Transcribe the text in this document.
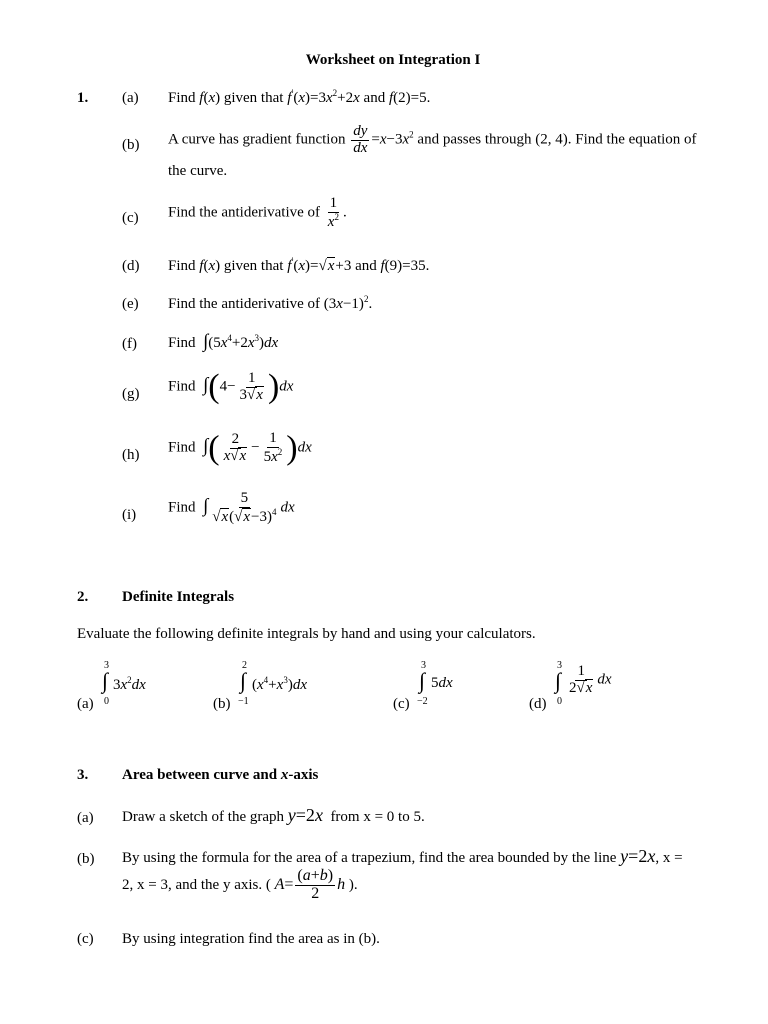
Worksheet on Integration I
1. (a) Find f(x) given that $f'(x)=3x^2+2x$ and f(2)=5.
(b) A curve has gradient function $\frac{dy}{dx} =x-3x^2$ and passes through (2, 4). Find the equation of
the curve.
(c) Find the antiderivative of $\frac{1}{x^2}$ .
(d) Find f(x) given that f′(x)=√x+3 and f(9)=35.
(e) Find the antiderivative of $(3x-1)^2$.
(f) Find $\int(5x^4+2x^3)dx$
(g) Find $\int(4- \frac{1}{3√x} )dx$
(h) Find ∫( $\frac{2}{x√x} - \frac{1}{5x^2} )dx$
(i) Find ∫ $\frac{5}{√x(√x-3)^4}$ dx
2. Definite Integrals
Evaluate the following definite integrals by hand and using your calculators.
(a)
3
∫
0
$3x^2dx$
(b)
2
∫
−1
$(x^4+x^3)dx$
(c)
3
∫
−2
5dx
(d)
3
∫
0
$\frac{1}{2√x}$ dx
3. Area between curve and x-axis
(a) Draw a sketch of the graph y=2x from x = 0 to 5.
(b) By using the formula for the area of a trapezium, find the area bounded by the line y=2x, x =
2, x = 3, and the y axis. ( $A= \frac{(a+b)}{2}$ h ).
(c) By using integration find the area as in (b).
